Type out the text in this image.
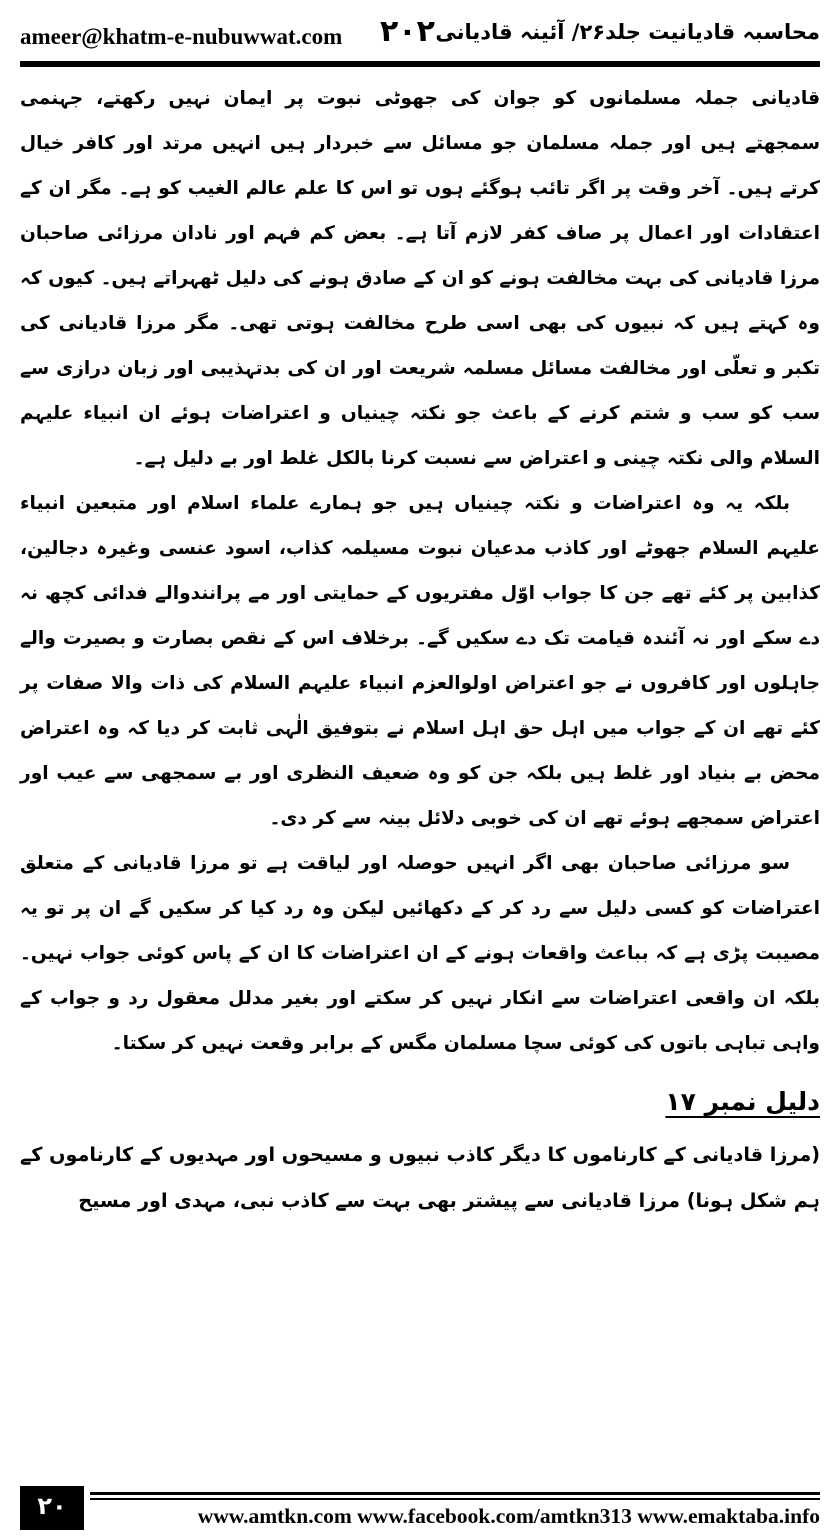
ameer@khatm-e-nubuwwat.com ۲۰۲ محاسبہ قادیانیت جلد۲۶/ آئینہ قادیانی

قادیانی جملہ مسلمانوں کو جوان کی جھوٹی نبوت پر ایمان نہیں رکھتے، جہنمی سمجھتے ہیں اور جملہ مسلمان جو مسائل سے خبردار ہیں انہیں مرتد اور کافر خیال کرتے ہیں۔ آخر وقت پر اگر تائب ہوگئے ہوں تو اس کا علم عالم الغیب کو ہے۔ مگر ان کے اعتقادات اور اعمال پر صاف کفر لازم آتا ہے۔ بعض کم فہم اور نادان مرزائی صاحبان مرزا قادیانی کی بہت مخالفت ہونے کو ان کے صادق ہونے کی دلیل ٹھہراتے ہیں۔ کیوں کہ وہ کہتے ہیں کہ نبیوں کی بھی اسی طرح مخالفت ہوتی تھی۔ مگر مرزا قادیانی کی تکبر و تعلّی اور مخالفت مسائل مسلمہ شریعت اور ان کی بدتہذیبی اور زبان درازی سے سب کو سب و شتم کرنے کے باعث جو نکتہ چینیاں و اعتراضات ہوئے ان انبیاء علیہم السلام والی نکتہ چینی و اعتراض سے نسبت کرنا بالکل غلط اور بے دلیل ہے۔

بلکہ یہ وہ اعتراضات و نکتہ چینیاں ہیں جو ہمارے علماء اسلام اور متبعین انبیاء علیہم السلام جھوٹے اور کاذب مدعیان نبوت مسیلمہ کذاب، اسود عنسی وغیرہ دجالین، کذابین پر کئے تھے جن کا جواب اوّل مفتریوں کے حمایتی اور مے پرانندوالے فدائی کچھ نہ دے سکے اور نہ آئندہ قیامت تک دے سکیں گے۔ برخلاف اس کے نقص بصارت و بصیرت والے جاہلوں اور کافروں نے جو اعتراض اولوالعزم انبیاء علیہم السلام کی ذات والا صفات پر کئے تھے ان کے جواب میں اہل حق اہل اسلام نے بتوفیق الٰہی ثابت کر دیا کہ وہ اعتراض محض بے بنیاد اور غلط ہیں بلکہ جن کو وہ ضعیف النظری اور بے سمجھی سے عیب اور اعتراض سمجھے ہوئے تھے ان کی خوبی دلائل بینہ سے کر دی۔

سو مرزائی صاحبان بھی اگر انہیں حوصلہ اور لیاقت ہے تو مرزا قادیانی کے متعلق اعتراضات کو کسی دلیل سے رد کر کے دکھائیں لیکن وہ رد کیا کر سکیں گے ان پر تو یہ مصیبت پڑی ہے کہ بباعث واقعات ہونے کے ان اعتراضات کا ان کے پاس کوئی جواب نہیں۔ بلکہ ان واقعی اعتراضات سے انکار نہیں کر سکتے اور بغیر مدلل معقول رد و جواب کے واہی تباہی باتوں کی کوئی سچا مسلمان مگس کے برابر وقعت نہیں کر سکتا۔

دلیل نمبر ۱۷

(مرزا قادیانی کے کارناموں کا دیگر کاذب نبیوں و مسیحوں اور مہدیوں کے کارناموں کے ہم شکل ہونا) مرزا قادیانی سے پیشتر بھی بہت سے کاذب نبی، مہدی اور مسیح

۲۰	www.amtkn.com www.facebook.com/amtkn313 www.emaktaba.info
